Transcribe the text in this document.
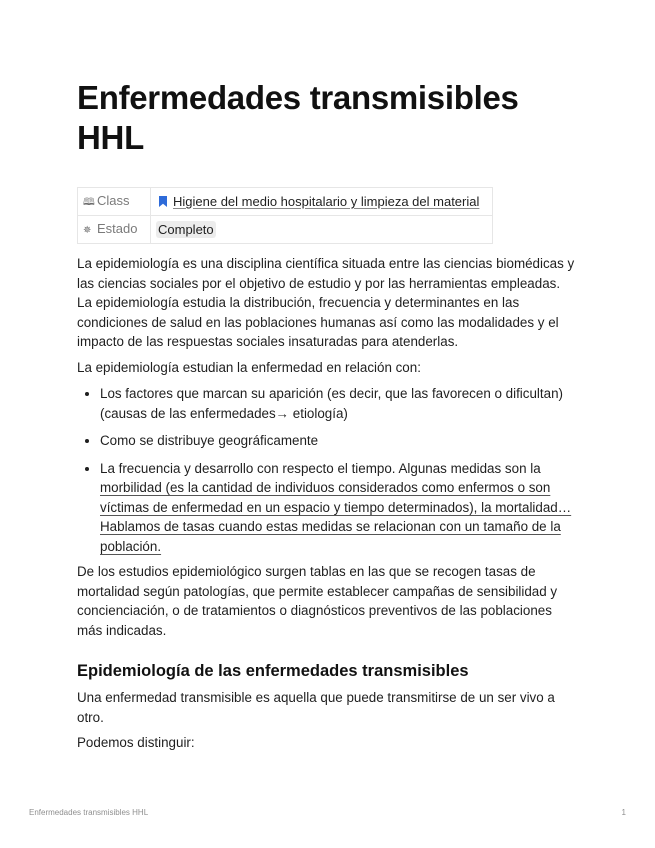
Enfermedades transmisibles
HHL
🕮 Class	Higiene del medio hospitalario y limpieza del material
✵ Estado	Completo

La epidemiología es una disciplina científica situada entre las ciencias biomédicas y las ciencias sociales por el objetivo de estudio y por las herramientas empleadas. La epidemiología estudia la distribución, frecuencia y determinantes en las condiciones de salud en las poblaciones humanas así como las modalidades y el impacto de las respuestas sociales insaturadas para atenderlas.

La epidemiología estudian la enfermedad en relación con:

• Los factores que marcan su aparición (es decir, que las favorecen o dificultan) (causas de las enfermedades→ etiología)
• Como se distribuye geográficamente
• La frecuencia y desarrollo con respecto el tiempo. Algunas medidas son la morbilidad (es la cantidad de individuos considerados como enfermos o son víctimas de enfermedad en un espacio y tiempo determinados), la mortalidad… Hablamos de tasas cuando estas medidas se relacionan con un tamaño de la población.

De los estudios epidemiológico surgen tablas en las que se recogen tasas de mortalidad según patologías, que permite establecer campañas de sensibilidad y concienciación, o de tratamientos o diagnósticos preventivos de las poblaciones más indicadas.

Epidemiología de las enfermedades transmisibles

Una enfermedad transmisible es aquella que puede transmitirse de un ser vivo a otro.

Podemos distinguir:

Enfermedades transmisibles HHL	1
